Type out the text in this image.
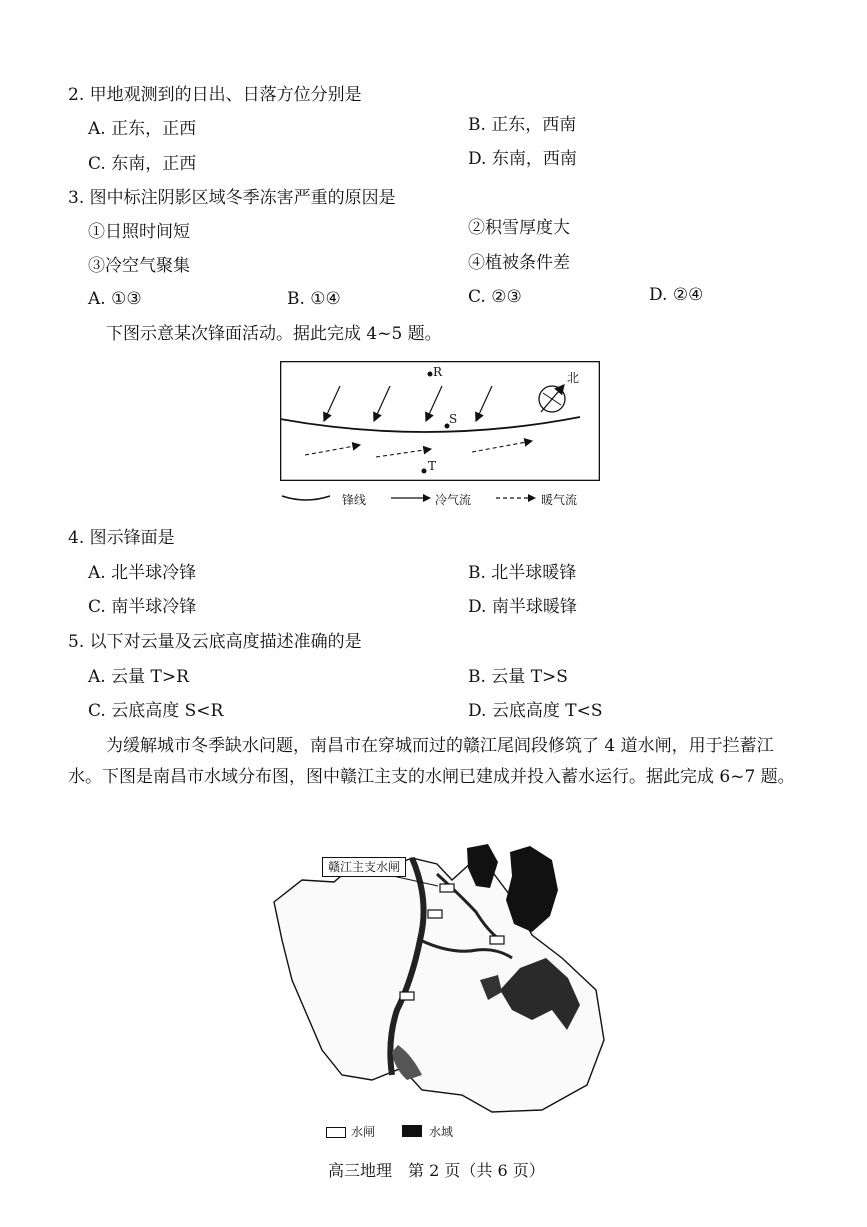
2. 甲地观测到的日出、日落方位分别是
A. 正东，正西	B. 正东，西南
C. 东南，正西	D. 东南，西南
3. 图中标注阴影区域冬季冻害严重的原因是
①日照时间短	②积雪厚度大
③冷空气聚集	④植被条件差
A. ①③	B. ①④	C. ②③	D. ②④
下图示意某次锋面活动。据此完成 4~5 题。
R
S
T
北
锋线	冷气流	暖气流
4. 图示锋面是
A. 北半球冷锋	B. 北半球暖锋
C. 南半球冷锋	D. 南半球暖锋
5. 以下对云量及云底高度描述准确的是
A. 云量 T>R	B. 云量 T>S
C. 云底高度 S<R	D. 云底高度 T<S
为缓解城市冬季缺水问题，南昌市在穿城而过的赣江尾闾段修筑了 4 道水闸，用于拦蓄江水。下图是南昌市水域分布图，图中赣江主支的水闸已建成并投入蓄水运行。据此完成 6~7 题。
赣江主支水闸
水闸	水域
高三地理　第 2 页（共 6 页）
